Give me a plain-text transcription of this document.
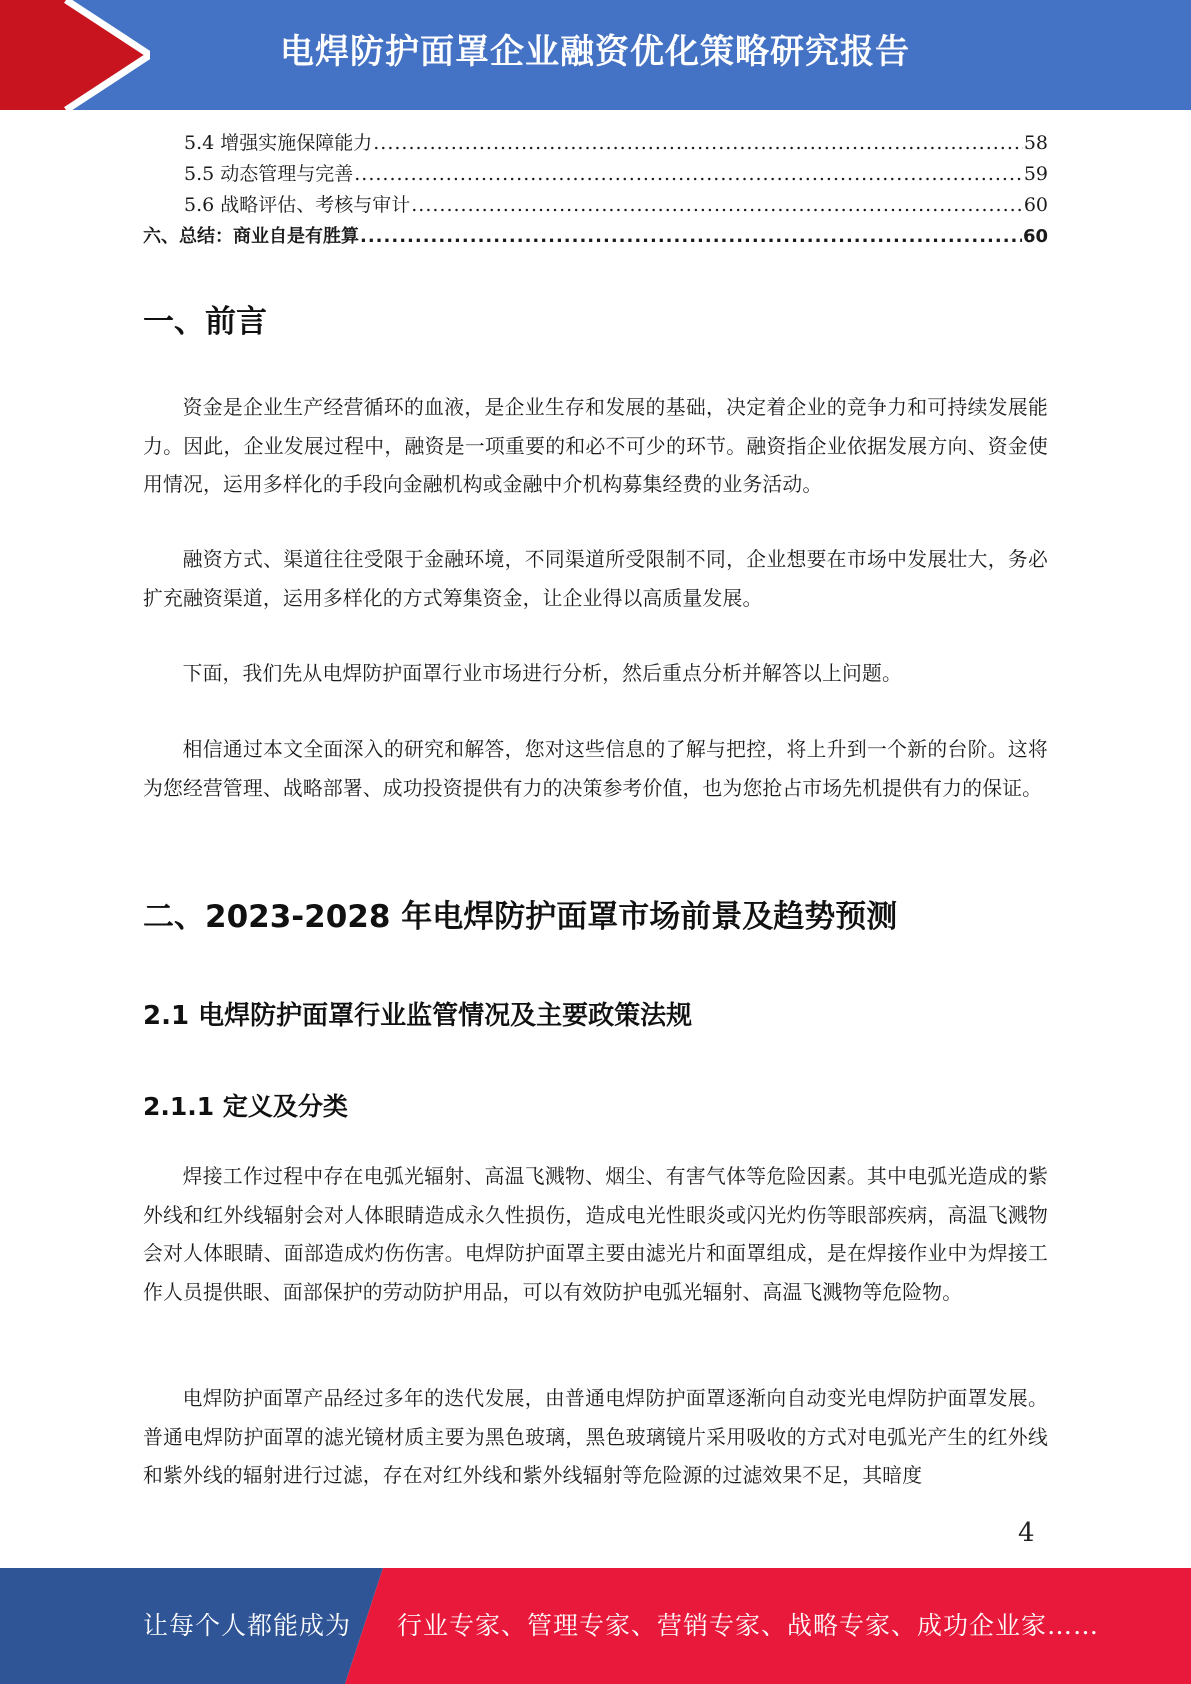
电焊防护面罩企业融资优化策略研究报告
5.4 增强实施保障能力 .....	58
5.5 动态管理与完善 .....	59
5.6 战略评估、考核与审计 .....	60
六、总结：商业自是有胜算 .....	60
一、前言

资金是企业生产经营循环的血液，是企业生存和发展的基础，决定着企业的竞争力和可持续发展能力。因此，企业发展过程中，融资是一项重要的和必不可少的环节。融资指企业依据发展方向、资金使用情况，运用多样化的手段向金融机构或金融中介机构募集经费的业务活动。

融资方式、渠道往往受限于金融环境，不同渠道所受限制不同，企业想要在市场中发展壮大，务必扩充融资渠道，运用多样化的方式筹集资金，让企业得以高质量发展。

下面，我们先从电焊防护面罩行业市场进行分析，然后重点分析并解答以上问题。

相信通过本文全面深入的研究和解答，您对这些信息的了解与把控，将上升到一个新的台阶。这将为您经营管理、战略部署、成功投资提供有力的决策参考价值，也为您抢占市场先机提供有力的保证。

二、2023-2028 年电焊防护面罩市场前景及趋势预测
2.1 电焊防护面罩行业监管情况及主要政策法规
2.1.1 定义及分类

焊接工作过程中存在电弧光辐射、高温飞溅物、烟尘、有害气体等危险因素。其中电弧光造成的紫外线和红外线辐射会对人体眼睛造成永久性损伤，造成电光性眼炎或闪光灼伤等眼部疾病，高温飞溅物会对人体眼睛、面部造成灼伤伤害。电焊防护面罩主要由滤光片和面罩组成，是在焊接作业中为焊接工作人员提供眼、面部保护的劳动防护用品，可以有效防护电弧光辐射、高温飞溅物等危险物。

电焊防护面罩产品经过多年的迭代发展，由普通电焊防护面罩逐渐向自动变光电焊防护面罩发展。普通电焊防护面罩的滤光镜材质主要为黑色玻璃，黑色玻璃镜片采用吸收的方式对电弧光产生的红外线和紫外线的辐射进行过滤，存在对红外线和紫外线辐射等危险源的过滤效果不足，其暗度

4
让每个人都能成为 行业专家、管理专家、营销专家、战略专家、成功企业家……
